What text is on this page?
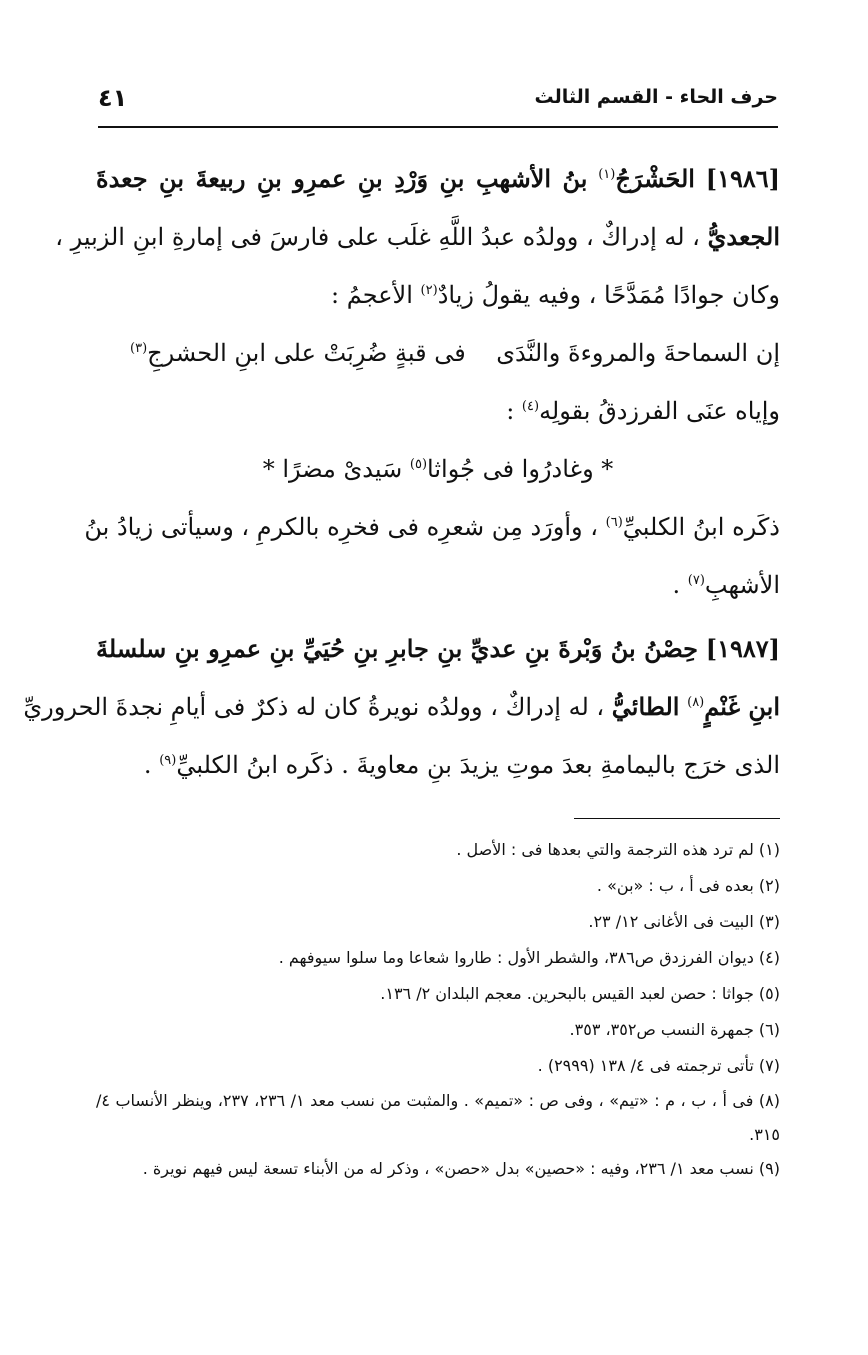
حرف الحاء - القسم الثالث
٤١
[١٩٨٦] الحَشْرَجُ$^{(١)}$ بنُ الأشهبِ بنِ وَرْدِ بنِ عمرِو بنِ ربيعةَ بنِ جعدةَ
الجعديُّ ، له إدراكٌ ، وولدُه عبدُ اللَّهِ غلَب على فارسَ فى إمارةِ ابنِ الزبيرِ ،
وكان جوادًا مُمَدَّحًا ، وفيه يقولُ زيادٌ$^{(٢)}$ الأعجمُ :
إن السماحةَ والمروءةَ والنَّدَى
فى قبةٍ ضُرِبَتْ على ابنِ الحشرجِ$^{(٣)}$
وإياه عنَى الفرزدقُ بقولِه$^{(٤)}$ :
* وغادرُوا فى جُواثا$^{(٥)}$ سَيدىْ مضرًا *
ذكَره ابنُ الكلبيِّ$^{(٦)}$ ، وأورَد مِن شعرِه فى فخرِه بالكرمِ ، وسيأتى زيادُ بنُ
الأشهبِ$^{(٧)}$ .
[١٩٨٧] حِصْنُ بنُ وَبْرةَ بنِ عديِّ بنِ جابرِ بنِ حُيَيِّ بنِ عمرِو بنِ سلسلةَ
ابنِ غَنْمٍ$^{(٨)}$ الطائيُّ ، له إدراكٌ ، وولدُه نويرةُ كان له ذكرٌ فى أيامِ نجدةَ الحروريِّ
الذى خرَج باليمامةِ بعدَ موتِ يزيدَ بنِ معاويةَ . ذكَره ابنُ الكلبيِّ$^{(٩)}$ .
(١) لم ترد هذه الترجمة والتي بعدها فى : الأصل .
(٢) بعده فى أ ، ب : «بن» .
(٣) البيت فى الأغانى ١٢/ ٢٣.
(٤) ديوان الفرزدق ص٣٨٦، والشطر الأول : طاروا شعاعا وما سلوا سيوفهم .
(٥) جواثا : حصن لعبد القيس بالبحرين. معجم البلدان ٢/ ١٣٦.
(٦) جمهرة النسب ص٣٥٢، ٣٥٣.
(٧) تأتى ترجمته فى ٤/ ١٣٨ (٢٩٩٩) .
(٨) فى أ ، ب ، م : «تيم» ، وفى ص : «تميم» . والمثبت من نسب معد ١/ ٢٣٦، ٢٣٧، وينظر الأنساب ٤/ ٣١٥.
(٩) نسب معد ١/ ٢٣٦، وفيه : «حصين» بدل «حصن» ، وذكر له من الأبناء تسعة ليس فيهم نويرة .
